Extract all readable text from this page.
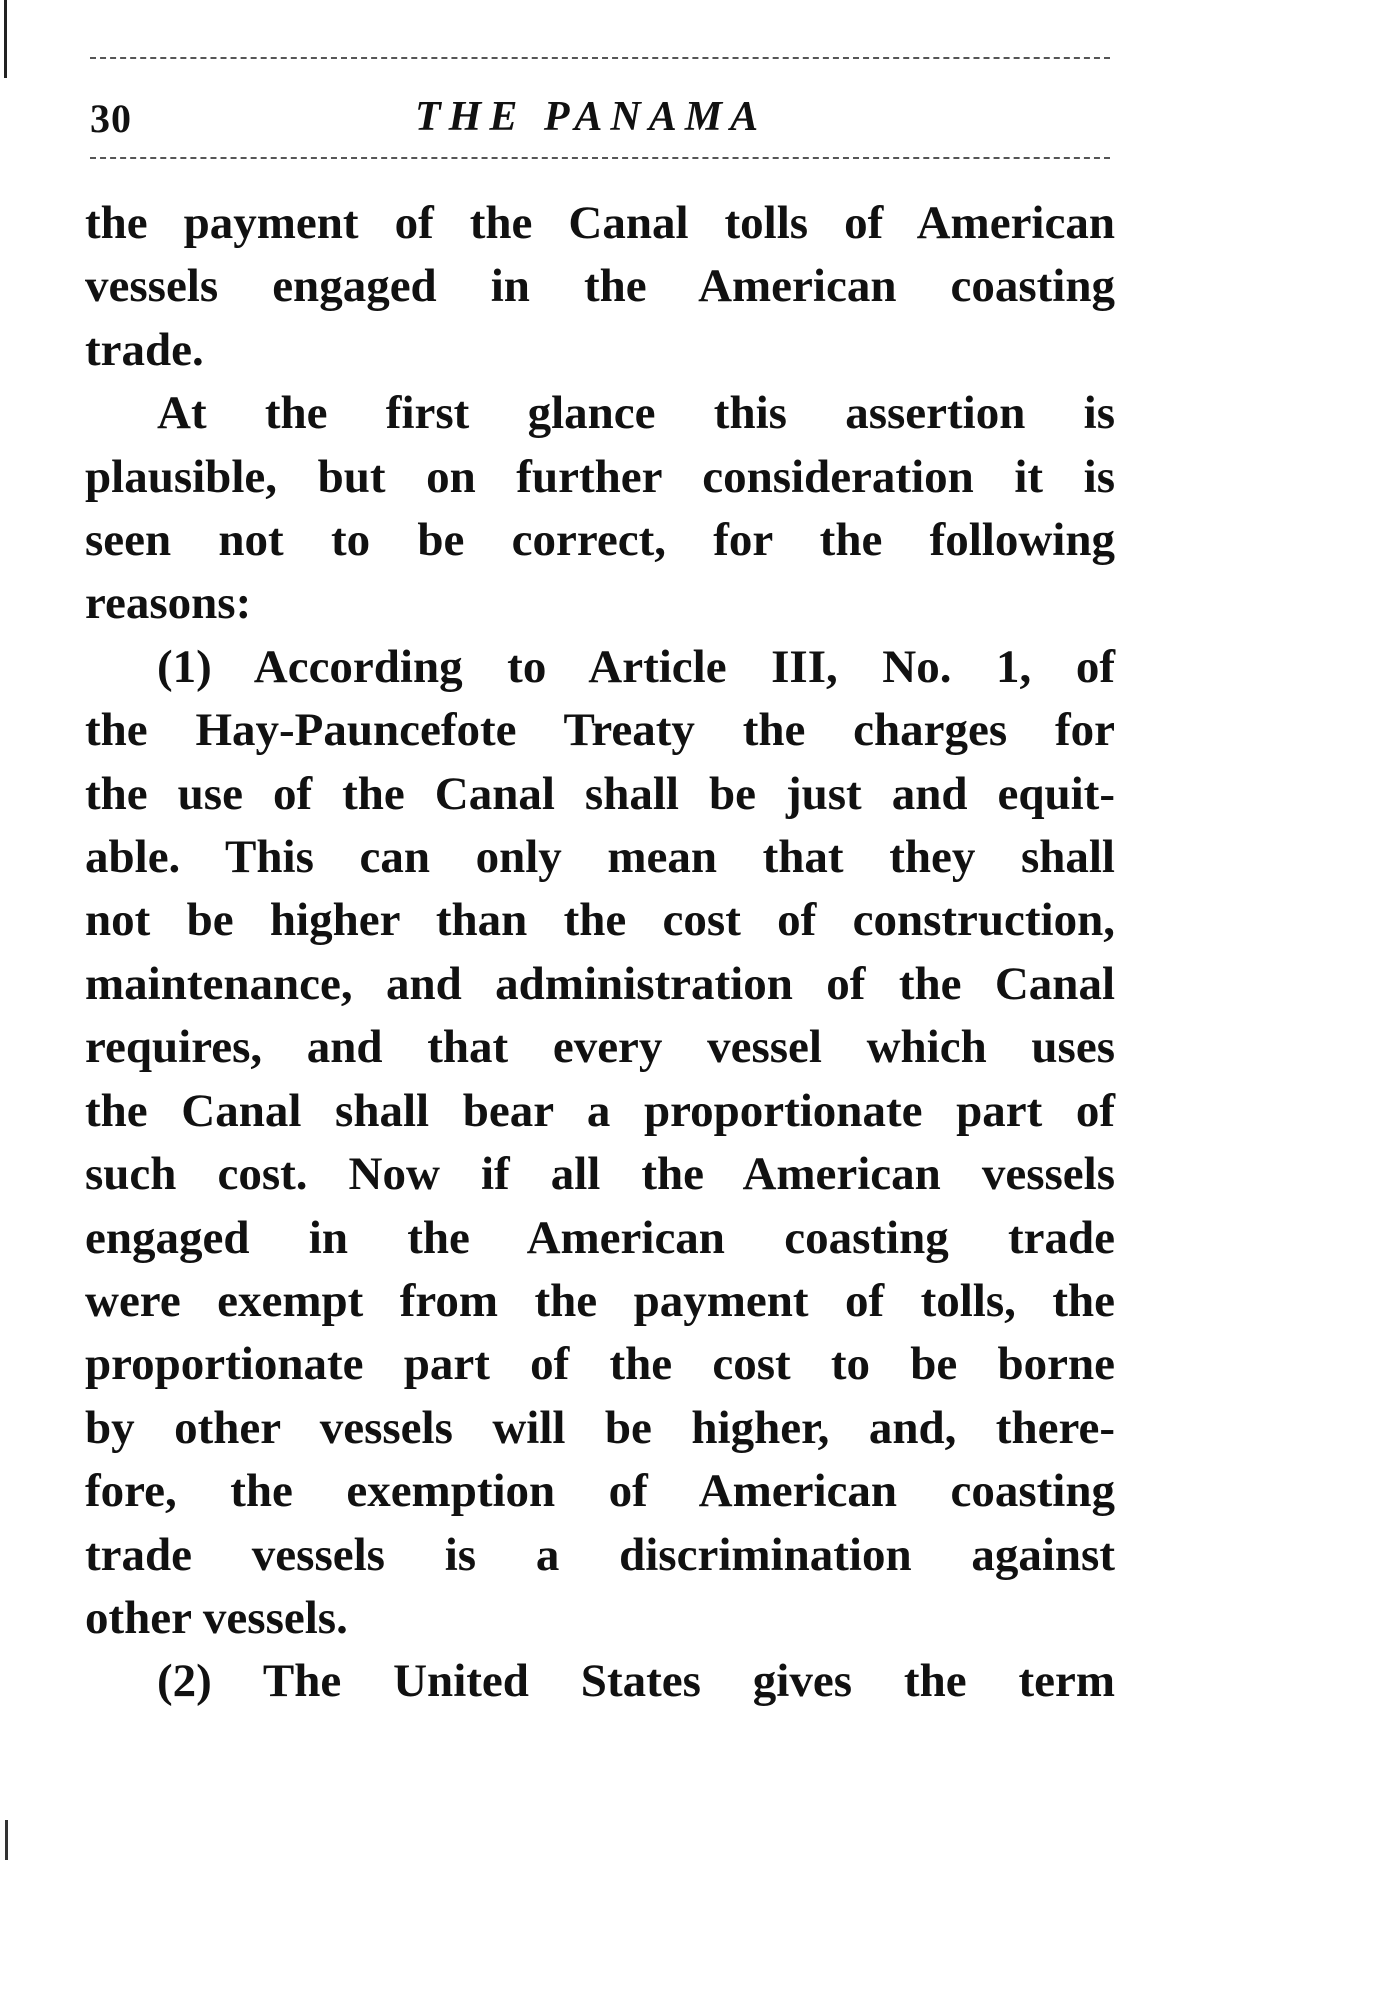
30	THE PANAMA
the payment of the Canal tolls of American
vessels engaged in the American coasting
trade.
At the first glance this assertion is
plausible, but on further consideration it is
seen not to be correct, for the following
reasons:
(1) According to Article III, No. 1, of
the Hay-Pauncefote Treaty the charges for
the use of the Canal shall be just and equit-
able. This can only mean that they shall
not be higher than the cost of construction,
maintenance, and administration of the Canal
requires, and that every vessel which uses
the Canal shall bear a proportionate part of
such cost. Now if all the American vessels
engaged in the American coasting trade
were exempt from the payment of tolls, the
proportionate part of the cost to be borne
by other vessels will be higher, and, there-
fore, the exemption of American coasting
trade vessels is a discrimination against
other vessels.
(2) The United States gives the term
